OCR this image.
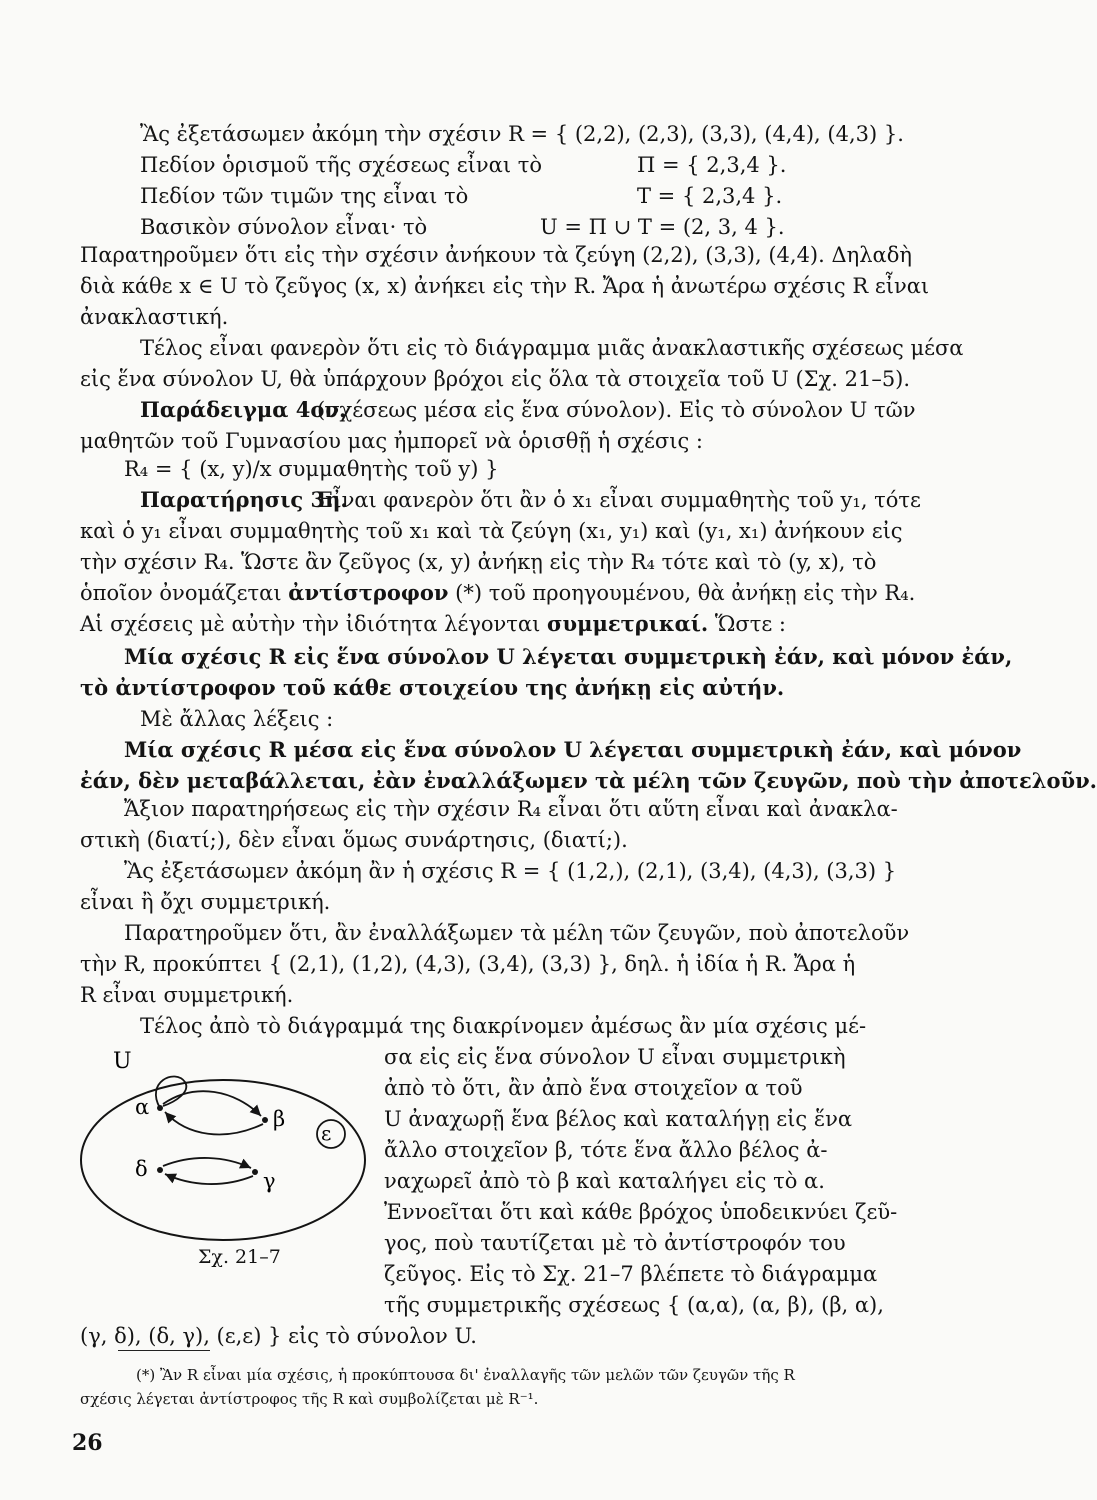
Ἂς ἐξετάσωμεν ἀκόμη τὴν σχέσιν R = { (2,2), (2,3), (3,3), (4,4), (4,3) }.
Πεδίον ὁρισμοῦ τῆς σχέσεως εἶναι τὸ	Π = { 2,3,4 }.
Πεδίον τῶν τιμῶν της εἶναι τὸ	Τ = { 2,3,4 }.
Βασικὸν σύνολον εἶναι· τὸ	U = Π ∪ Τ = (2, 3, 4 }.
Παρατηροῦμεν ὅτι εἰς τὴν σχέσιν ἀνήκουν τὰ ζεύγη (2,2), (3,3), (4,4). Δηλαδὴ
διὰ κάθε x ∈ U τὸ ζεῦγος (x, x) ἀνήκει εἰς τὴν R. Ἄρα ἡ ἀνωτέρω σχέσις R εἶναι
ἀνακλαστική.
Τέλος εἶναι φανερὸν ὅτι εἰς τὸ διάγραμμα μιᾶς ἀνακλαστικῆς σχέσεως μέσα
εἰς ἕνα σύνολον U, θὰ ὑπάρχουν βρόχοι εἰς ὅλα τὰ στοιχεῖα τοῦ U (Σχ. 21–5).
Παράδειγμα 4ον.
(σχέσεως μέσα εἰς ἕνα σύνολον). Εἰς τὸ σύνολον U τῶν
μαθητῶν τοῦ Γυμνασίου μας ἠμπορεῖ νὰ ὁρισθῇ ἡ σχέσις :
R₄ = { (x, y)/x συμμαθητὴς τοῦ y) }
Παρατήρησις 3η.
Εἶναι φανερὸν ὅτι ἂν ὁ x₁ εἶναι συμμαθητὴς τοῦ y₁, τότε
καὶ ὁ y₁ εἶναι συμμαθητὴς τοῦ x₁ καὶ τὰ ζεύγη (x₁, y₁) καὶ (y₁, x₁) ἀνήκουν εἰς
τὴν σχέσιν R₄. Ὥστε ἂν ζεῦγος (x, y) ἀνήκῃ εἰς τὴν R₄ τότε καὶ τὸ (y, x), τὸ
ὁποῖον ὀνομάζεται ἀντίστροφον (*) τοῦ προηγουμένου, θὰ ἀνήκῃ εἰς τὴν R₄.
Αἱ σχέσεις μὲ αὐτὴν τὴν ἰδιότητα λέγονται συμμετρικαί. Ὥστε :
Μία σχέσις R εἰς ἕνα σύνολον U λέγεται συμμετρικὴ ἐάν, καὶ μόνον ἐάν,
τὸ ἀντίστροφον τοῦ κάθε στοιχείου της ἀνήκῃ εἰς αὐτήν.
Μὲ ἄλλας λέξεις :
Μία σχέσις R μέσα εἰς ἕνα σύνολον U λέγεται συμμετρικὴ ἐάν, καὶ μόνον
ἐάν, δὲν μεταβάλλεται, ἐὰν ἐναλλάξωμεν τὰ μέλη τῶν ζευγῶν, ποὺ τὴν ἀποτελοῦν.
Ἄξιον παρατηρήσεως εἰς τὴν σχέσιν R₄ εἶναι ὅτι αὕτη εἶναι καὶ ἀνακλα-
στικὴ (διατί;), δὲν εἶναι ὅμως συνάρτησις, (διατί;).
Ἂς ἐξετάσωμεν ἀκόμη ἂν ἡ σχέσις R = { (1,2,), (2,1), (3,4), (4,3), (3,3) }
εἶναι ἢ ὄχι συμμετρική.
Παρατηροῦμεν ὅτι, ἂν ἐναλλάξωμεν τὰ μέλη τῶν ζευγῶν, ποὺ ἀποτελοῦν
τὴν R, προκύπτει { (2,1), (1,2), (4,3), (3,4), (3,3) }, δηλ. ἡ ἰδία ἡ R. Ἄρα ἡ
R εἶναι συμμετρική.
Τέλος ἀπὸ τὸ διάγραμμά της διακρίνομεν ἀμέσως ἂν μία σχέσις μέ-
σα εἰς εἰς ἕνα σύνολον U εἶναι συμμετρικὴ
ἀπὸ τὸ ὅτι, ἂν ἀπὸ ἕνα στοιχεῖον α τοῦ
U ἀναχωρῇ ἕνα βέλος καὶ καταλήγῃ εἰς ἕνα
ἄλλο στοιχεῖον β, τότε ἕνα ἄλλο βέλος ἀ-
ναχωρεῖ ἀπὸ τὸ β καὶ καταλήγει εἰς τὸ α.
Ἐννοεῖται ὅτι καὶ κάθε βρόχος ὑποδεικνύει ζεῦ-
γος, ποὺ ταυτίζεται μὲ τὸ ἀντίστροφόν του
ζεῦγος. Εἰς τὸ Σχ. 21–7 βλέπετε τὸ διάγραμμα
τῆς συμμετρικῆς σχέσεως { (α,α), (α, β), (β, α),
(γ, δ), (δ, γ), (ε,ε) } εἰς τὸ σύνολον U.
U
α	β
ε
δ	γ
Σχ. 21–7
(*) Ἂν R εἶναι μία σχέσις, ἡ προκύπτουσα δι' ἐναλλαγῆς τῶν μελῶν τῶν ζευγῶν τῆς R
σχέσις λέγεται ἀντίστροφος τῆς R καὶ συμβολίζεται μὲ R⁻¹.
26
